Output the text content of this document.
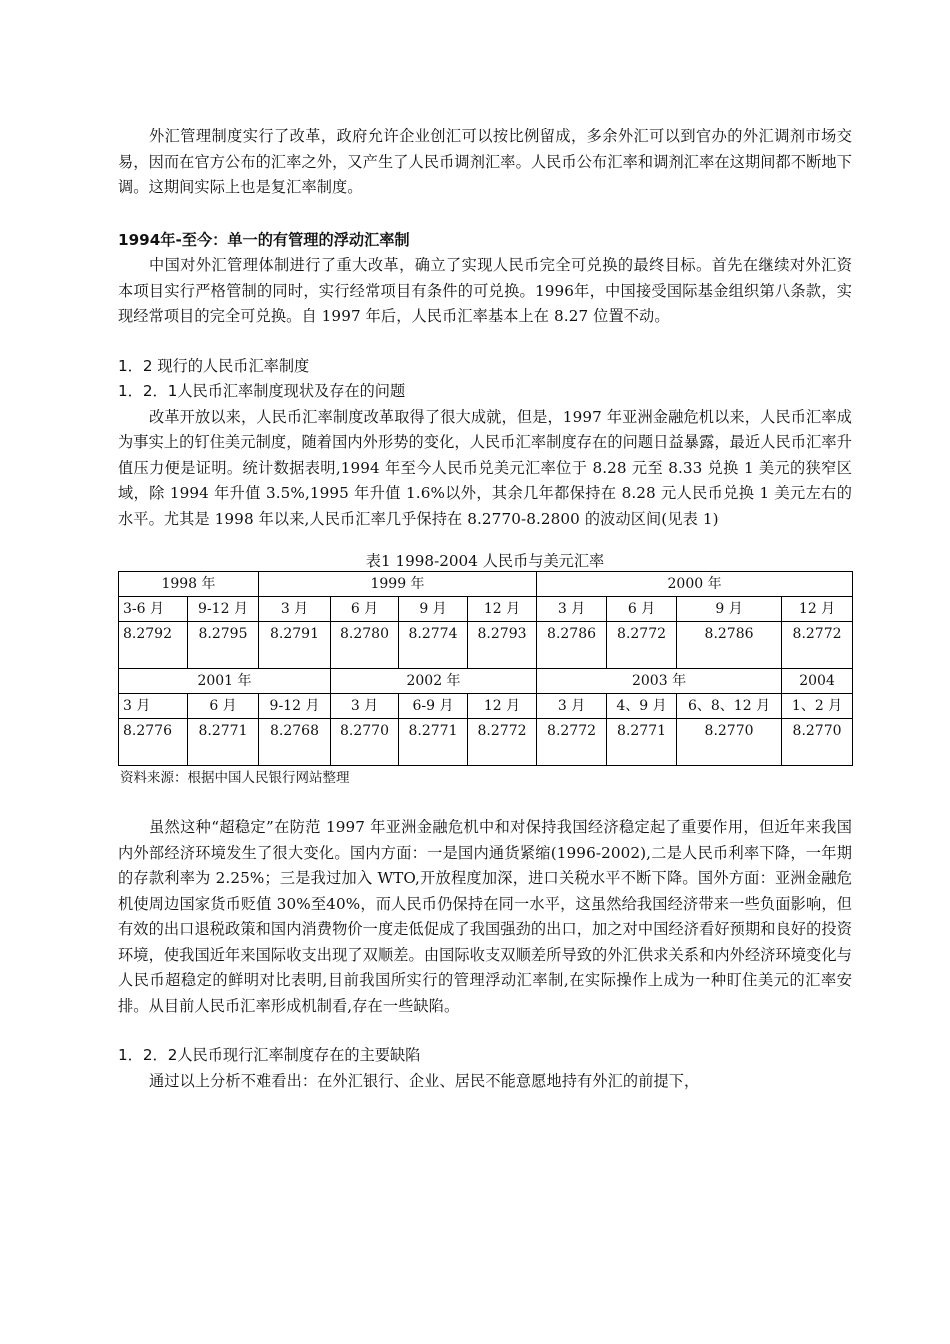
外汇管理制度实行了改革，政府允许企业创汇可以按比例留成，多余外汇可以到官办的外汇调剂市场交易，因而在官方公布的汇率之外，又产生了人民币调剂汇率。人民币公布汇率和调剂汇率在这期间都不断地下调。这期间实际上也是复汇率制度。

1994年-至今：单一的有管理的浮动汇率制

中国对外汇管理体制进行了重大改革，确立了实现人民币完全可兑换的最终目标。首先在继续对外汇资本项目实行严格管制的同时，实行经常项目有条件的可兑换。1996年，中国接受国际基金组织第八条款，实现经常项目的完全可兑换。自 1997 年后，人民币汇率基本上在 8.27 位置不动。

1．2 现行的人民币汇率制度
1．2．1人民币汇率制度现状及存在的问题

改革开放以来，人民币汇率制度改革取得了很大成就，但是，1997 年亚洲金融危机以来，人民币汇率成为事实上的钉住美元制度，随着国内外形势的变化，人民币汇率制度存在的问题日益暴露，最近人民币汇率升值压力便是证明。统计数据表明,1994 年至今人民币兑美元汇率位于 8.28 元至 8.33 兑换 1 美元的狭窄区域，除 1994 年升值 3.5%,1995 年升值 1.6%以外，其余几年都保持在 8.28 元人民币兑换 1 美元左右的水平。尤其是 1998 年以来,人民币汇率几乎保持在 8.2770-8.2800 的波动区间(见表 1)

表1 1998-2004 人民币与美元汇率
1998 年		1999 年				2000 年			
3-6 月	9-12 月	3 月	6 月	9 月	12 月	3 月	6 月	9 月	12 月
8.2792	8.2795	8.2791	8.2780	8.2774	8.2793	8.2786	8.2772	8.2786	8.2772
2001 年			2002 年			2003 年			2004
3 月	6 月	9-12 月	3 月	6-9 月	12 月	3 月	4、9 月	6、8、12 月	1、2 月
8.2776	8.2771	8.2768	8.2770	8.2771	8.2772	8.2772	8.2771	8.2770	8.2770
资料来源：根据中国人民银行网站整理

虽然这种“超稳定”在防范 1997 年亚洲金融危机中和对保持我国经济稳定起了重要作用，但近年来我国内外部经济环境发生了很大变化。国内方面：一是国内通货紧缩(1996-2002),二是人民币利率下降，一年期的存款利率为 2.25%；三是我过加入 WTO,开放程度加深，进口关税水平不断下降。国外方面：亚洲金融危机使周边国家货币贬值 30%至40%，而人民币仍保持在同一水平，这虽然给我国经济带来一些负面影响，但有效的出口退税政策和国内消费物价一度走低促成了我国强劲的出口，加之对中国经济看好预期和良好的投资环境，使我国近年来国际收支出现了双顺差。由国际收支双顺差所导致的外汇供求关系和内外经济环境变化与人民币超稳定的鲜明对比表明,目前我国所实行的管理浮动汇率制,在实际操作上成为一种盯住美元的汇率安排。从目前人民币汇率形成机制看,存在一些缺陷。

1．2．2人民币现行汇率制度存在的主要缺陷

通过以上分析不难看出：在外汇银行、企业、居民不能意愿地持有外汇的前提下，
